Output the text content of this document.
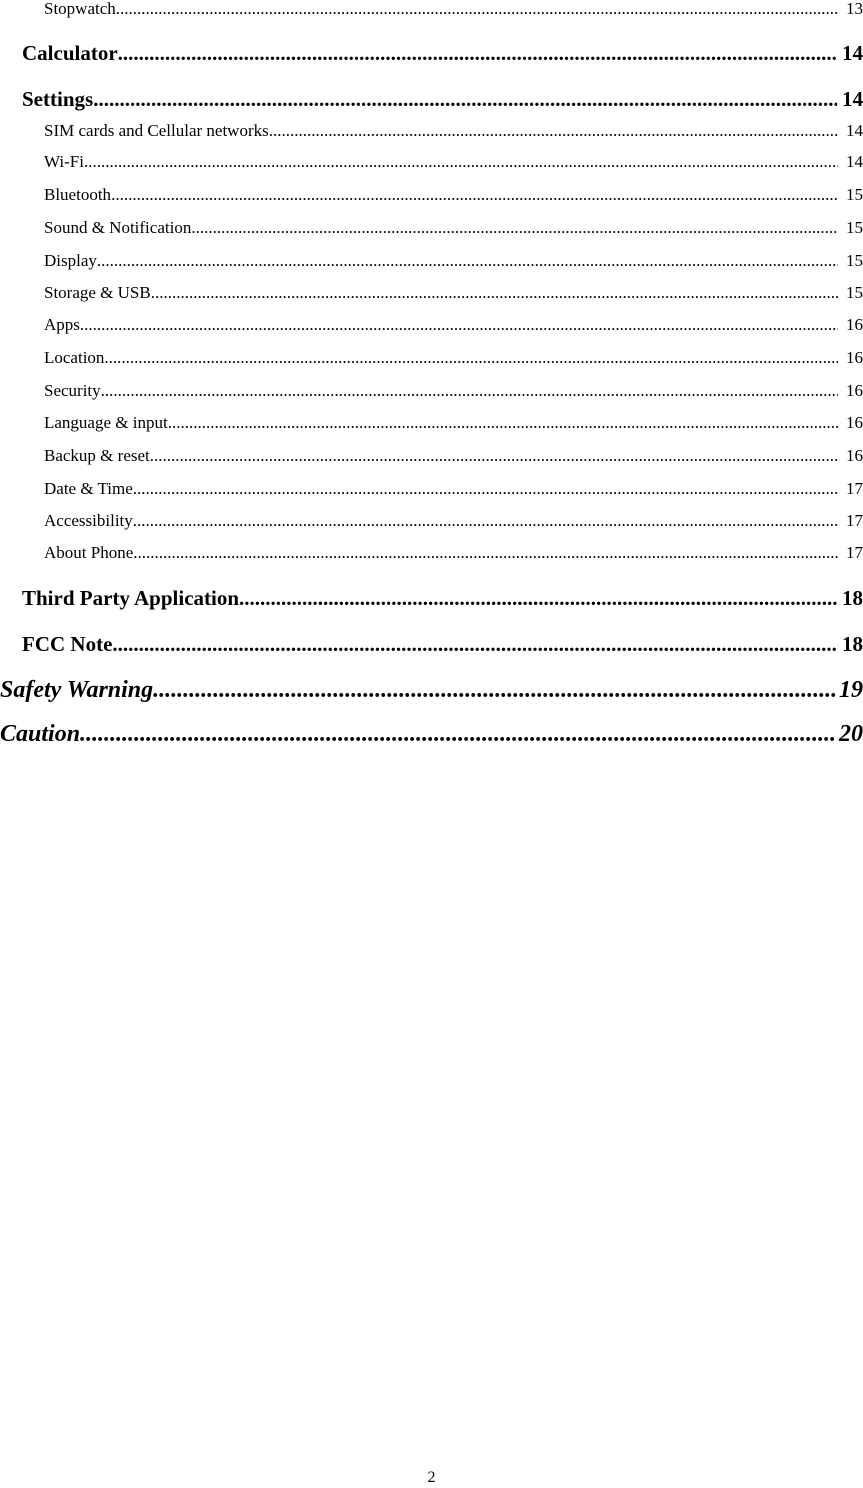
Stopwatch .....	13
Calculator .....	14
Settings .....	14
SIM cards and Cellular networks .....	14
Wi-Fi .....	14
Bluetooth .....	15
Sound & Notification .....	15
Display .....	15
Storage & USB .....	15
Apps .....	16
Location .....	16
Security .....	16
Language & input .....	16
Backup & reset .....	16
Date & Time .....	17
Accessibility .....	17
About Phone .....	17
Third Party Application .....	18
FCC Note .....	18
Safety Warning .....	19
Caution .....	20
2
